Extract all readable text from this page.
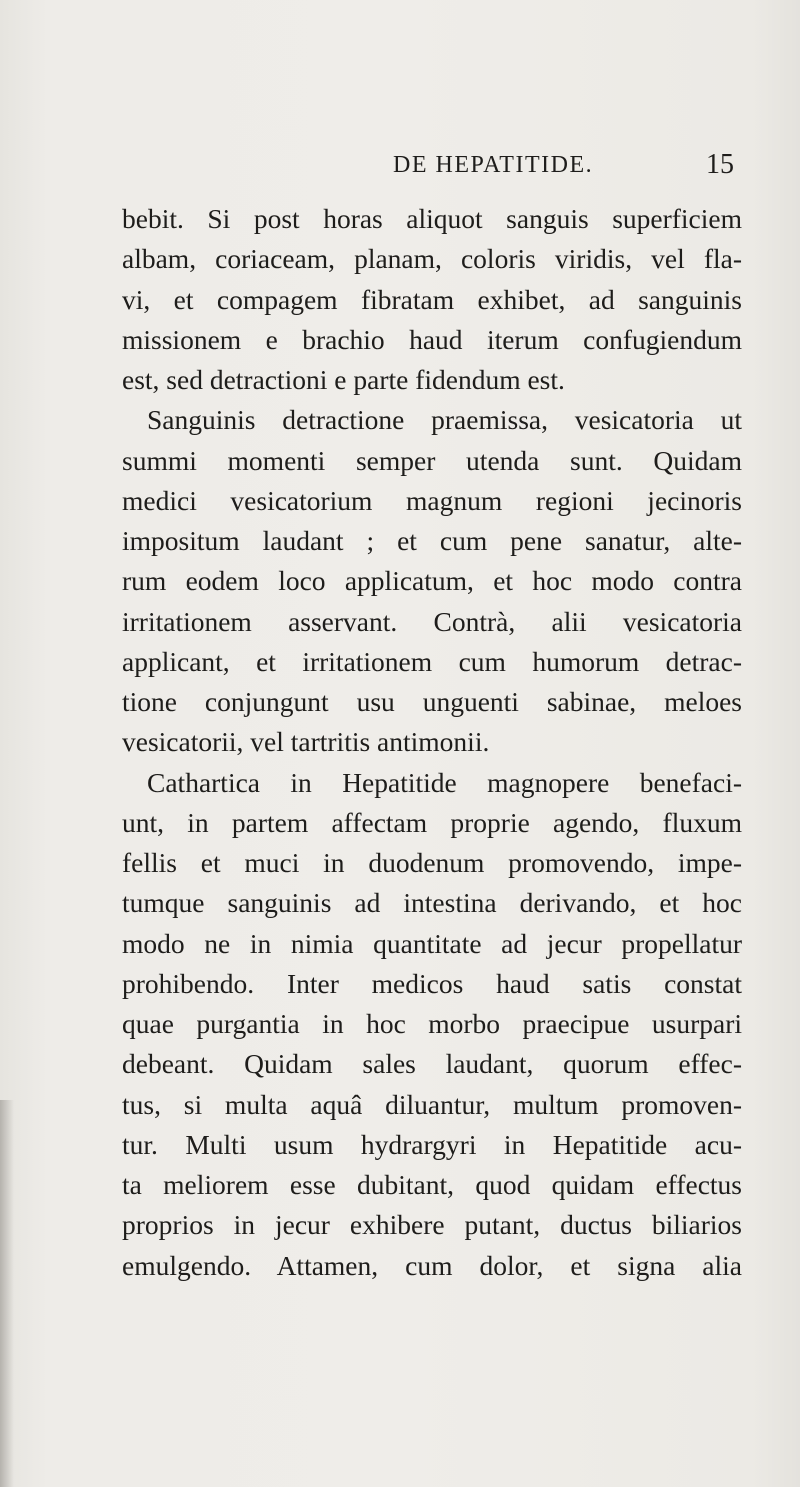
DE HEPATITIDE.	15
bebit. Si post horas aliquot sanguis superficiem
albam, coriaceam, planam, coloris viridis, vel fla-
vi, et compagem fibratam exhibet, ad sanguinis
missionem e brachio haud iterum confugiendum
est, sed detractioni e parte fidendum est.
Sanguinis detractione praemissa, vesicatoria ut
summi momenti semper utenda sunt. Quidam
medici vesicatorium magnum regioni jecinoris
impositum laudant ; et cum pene sanatur, alte-
rum eodem loco applicatum, et hoc modo contra
irritationem asservant. Contrà, alii vesicatoria
applicant, et irritationem cum humorum detrac-
tione conjungunt usu unguenti sabinae, meloes
vesicatorii, vel tartritis antimonii.
Cathartica in Hepatitide magnopere benefaci-
unt, in partem affectam proprie agendo, fluxum
fellis et muci in duodenum promovendo, impe-
tumque sanguinis ad intestina derivando, et hoc
modo ne in nimia quantitate ad jecur propellatur
prohibendo. Inter medicos haud satis constat
quae purgantia in hoc morbo praecipue usurpari
debeant. Quidam sales laudant, quorum effec-
tus, si multa aquâ diluantur, multum promoven-
tur. Multi usum hydrargyri in Hepatitide acu-
ta meliorem esse dubitant, quod quidam effectus
proprios in jecur exhibere putant, ductus biliarios
emulgendo. Attamen, cum dolor, et signa alia
